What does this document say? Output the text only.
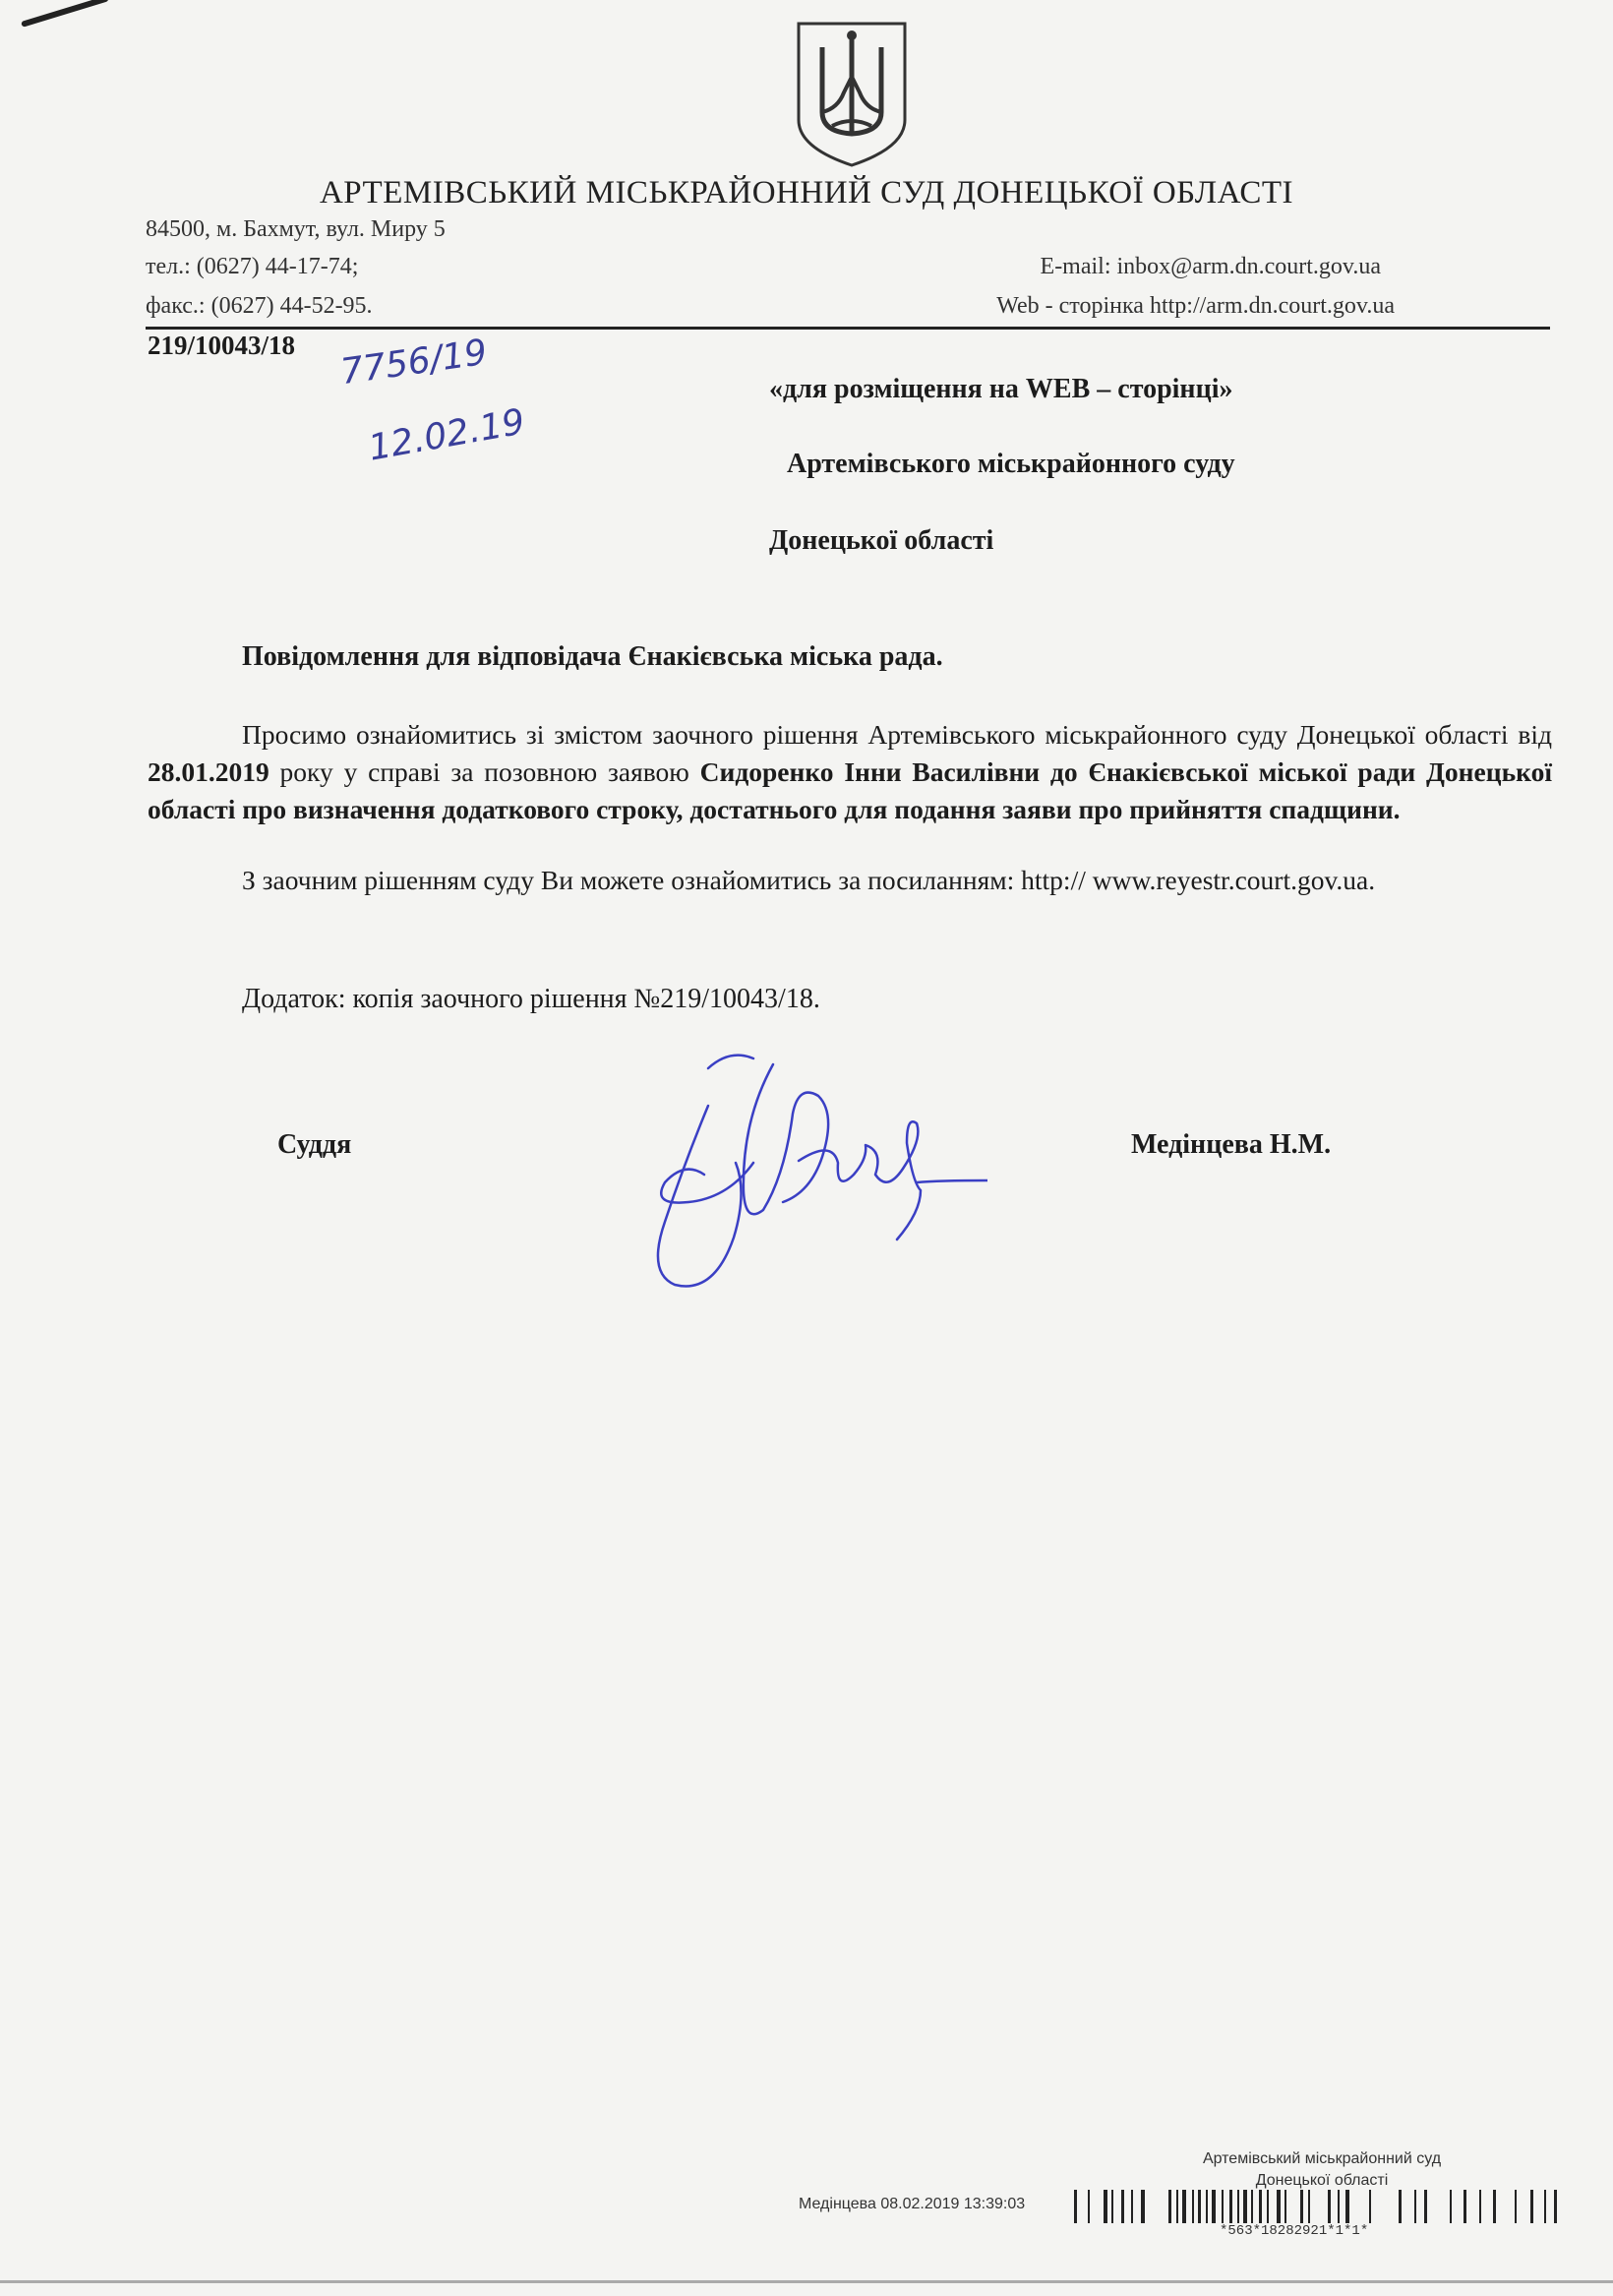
АРТЕМІВСЬКИЙ МІСЬКРАЙОННИЙ СУД ДОНЕЦЬКОЇ ОБЛАСТІ
84500, м. Бахмут, вул. Миру 5
тел.: (0627) 44-17-74;	E-mail: inbox@arm.dn.court.gov.ua
факс.: (0627) 44-52-95.	Web - сторінка http://arm.dn.court.gov.ua
219/10043/18 7756/19
12.02.19
«для розміщення на WEB – сторінці»
Артемівського міськрайонного суду
Донецької області
Повідомлення для відповідача Єнакієвська міська рада.
Просимо ознайомитись зі змістом заочного рішення Артемівського міськрайонного суду Донецької області від 28.01.2019 року у справі за позовною заявою Сидоренко Інни Василівни до Єнакієвської міської ради Донецької області про визначення додаткового строку, достатнього для подання заяви про прийняття спадщини.
З заочним рішенням суду Ви можете ознайомитись за посиланням: http:// www.reyestr.court.gov.ua.
Додаток: копія заочного рішення №219/10043/18.
Суддя	Медінцева Н.М.
Артемівський міськрайонний суд
Донецької області
Медінцева 08.02.2019 13:39:03
*563*18282921*1*1*
